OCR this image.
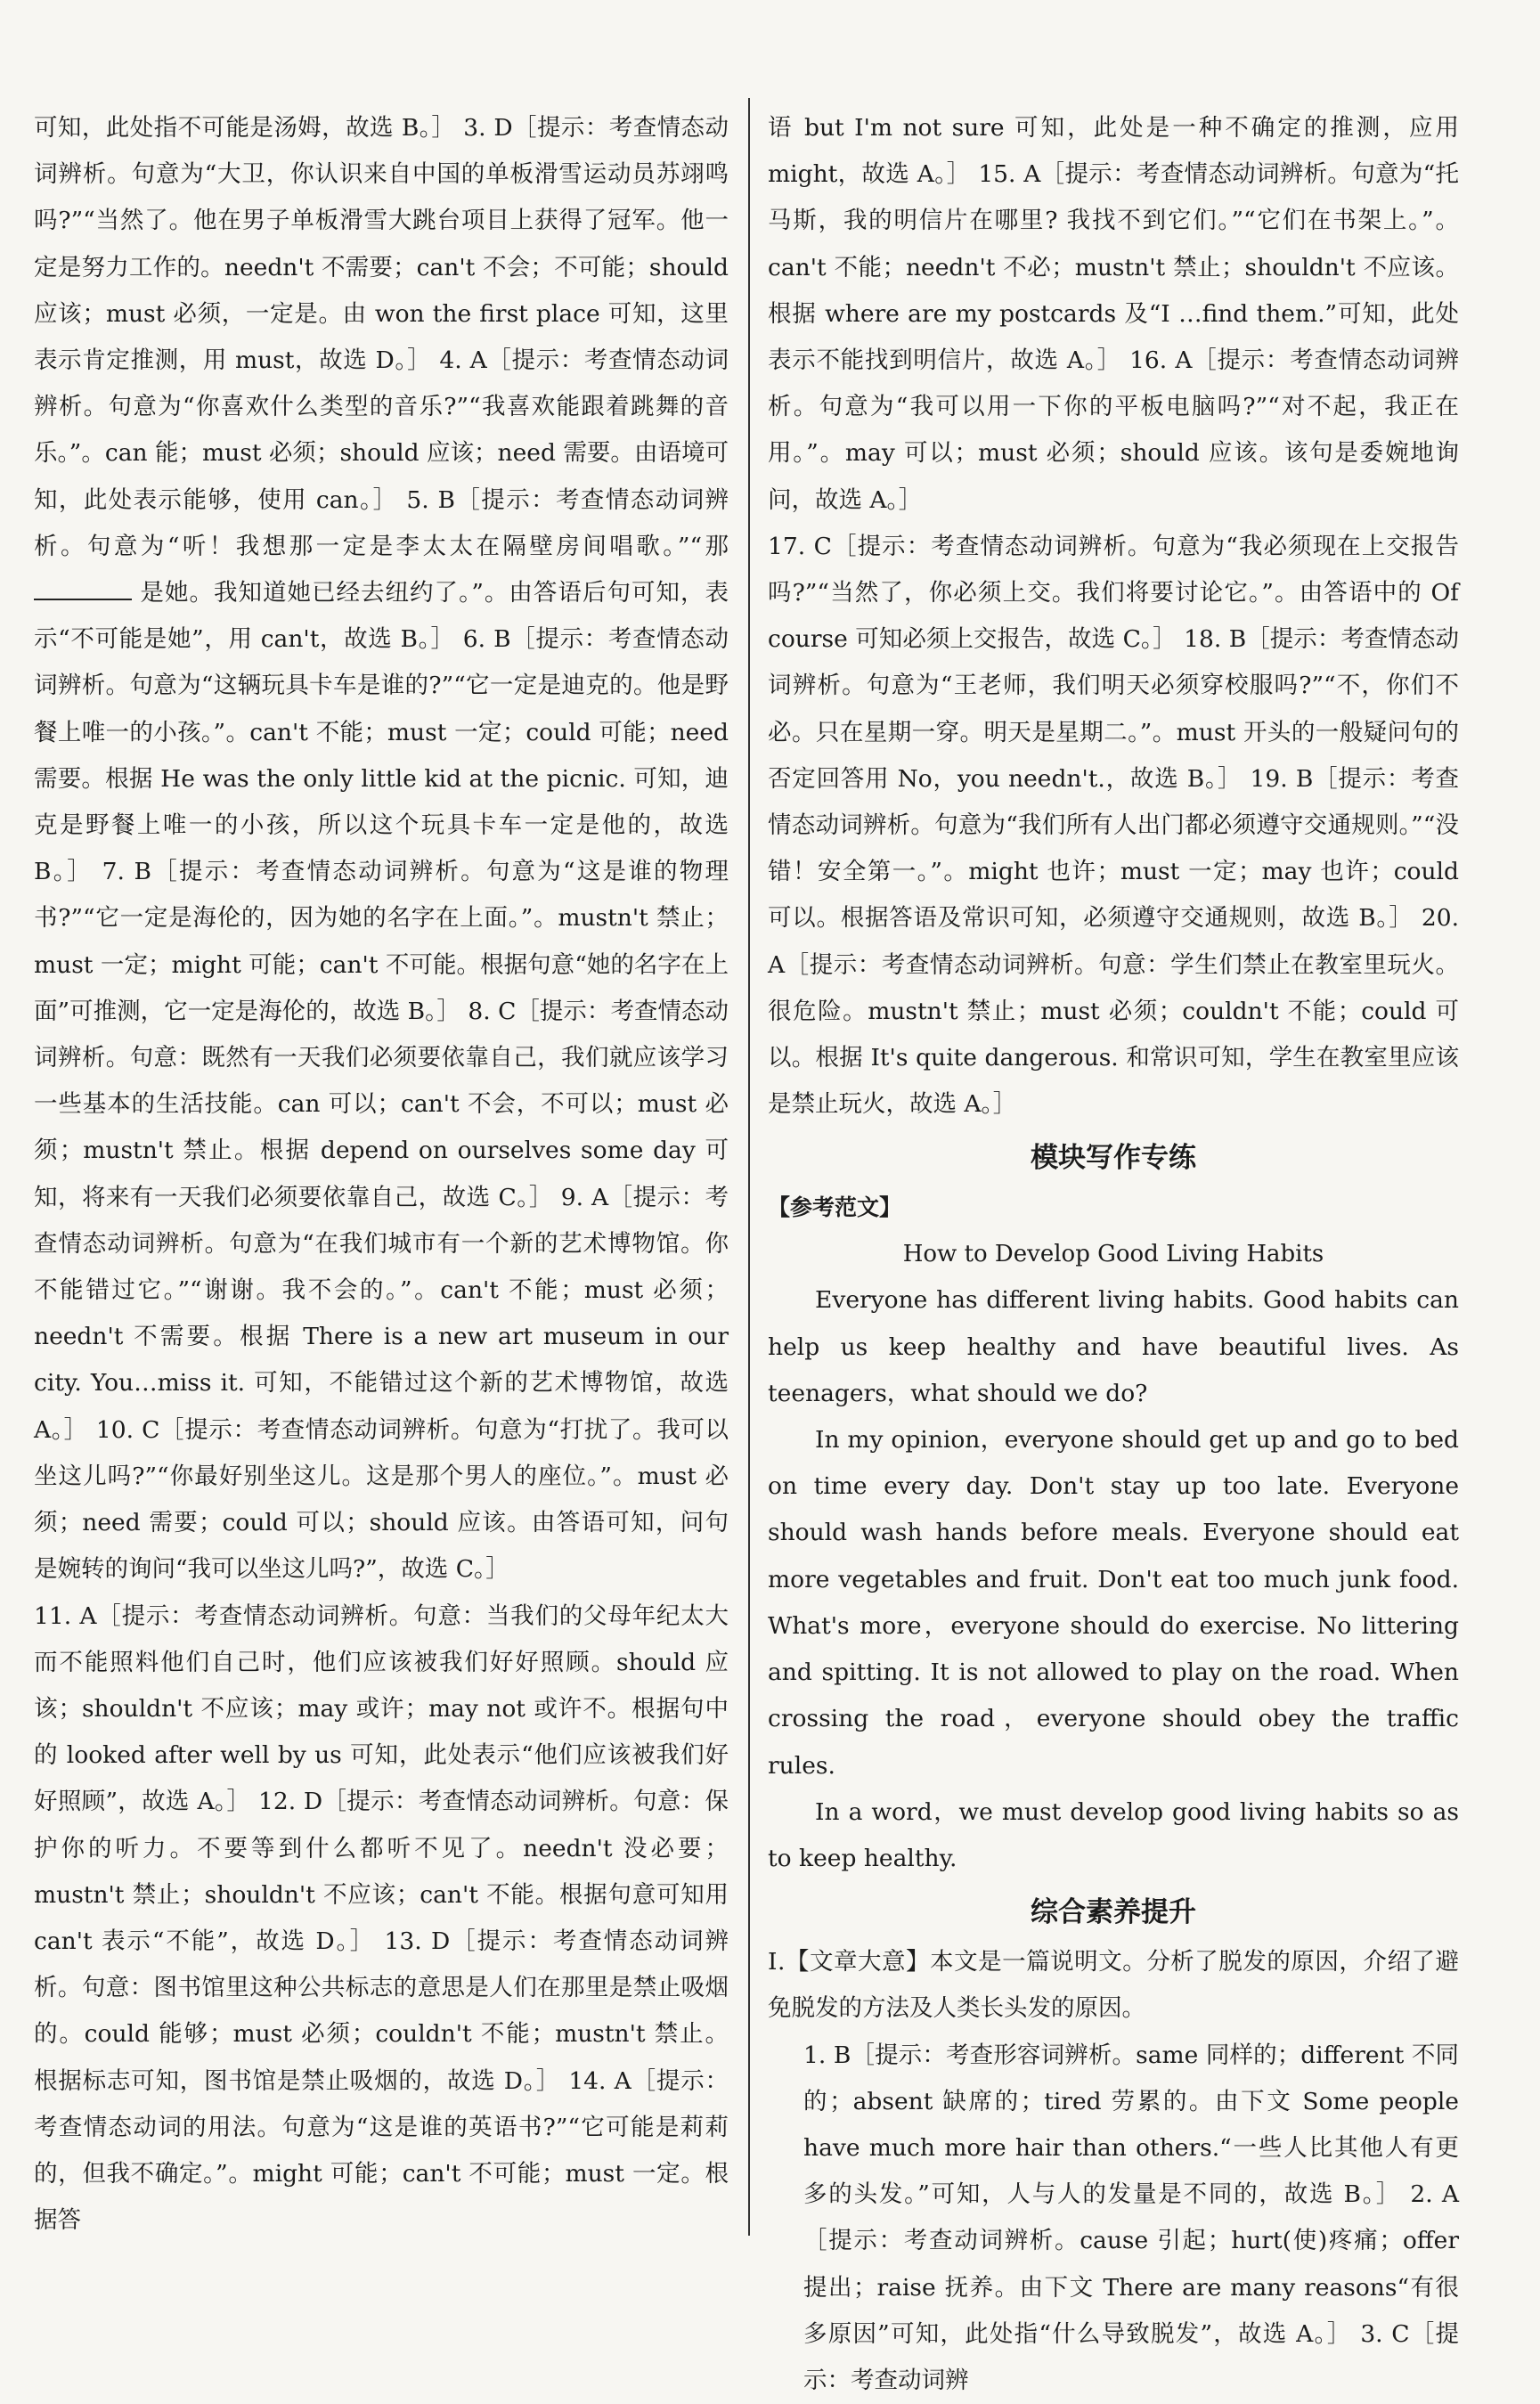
可知，此处指不可能是汤姆，故选 B。］ 3. D［提示：考查情态动词辨析。句意为“大卫，你认识来自中国的单板滑雪运动员苏翊鸣吗?”“当然了。他在男子单板滑雪大跳台项目上获得了冠军。他一定是努力工作的。needn't 不需要；can't 不会；不可能；should 应该；must 必须，一定是。由 won the first place 可知，这里表示肯定推测，用 must，故选 D。］ 4. A［提示：考查情态动词辨析。句意为“你喜欢什么类型的音乐?”“我喜欢能跟着跳舞的音乐。”。can 能；must 必须；should 应该；need 需要。由语境可知，此处表示能够，使用 can。］ 5. B［提示：考查情态动词辨析。句意为“听！我想那一定是李太太在隔壁房间唱歌。”“那 是她。我知道她已经去纽约了。”。由答语后句可知，表示“不可能是她”，用 can't，故选 B。］ 6. B［提示：考查情态动词辨析。句意为“这辆玩具卡车是谁的?”“它一定是迪克的。他是野餐上唯一的小孩。”。can't 不能；must 一定；could 可能；need 需要。根据 He was the only little kid at the picnic. 可知，迪克是野餐上唯一的小孩，所以这个玩具卡车一定是他的，故选 B。］ 7. B［提示：考查情态动词辨析。句意为“这是谁的物理书?”“它一定是海伦的，因为她的名字在上面。”。mustn't 禁止；must 一定；might 可能；can't 不可能。根据句意“她的名字在上面”可推测，它一定是海伦的，故选 B。］ 8. C［提示：考查情态动词辨析。句意：既然有一天我们必须要依靠自己，我们就应该学习一些基本的生活技能。can 可以；can't 不会，不可以；must 必须；mustn't 禁止。根据 depend on ourselves some day 可知，将来有一天我们必须要依靠自己，故选 C。］ 9. A［提示：考查情态动词辨析。句意为“在我们城市有一个新的艺术博物馆。你不能错过它。”“谢谢。我不会的。”。can't 不能；must 必须；needn't 不需要。根据 There is a new art museum in our city. You…miss it. 可知，不能错过这个新的艺术博物馆，故选 A。］ 10. C［提示：考查情态动词辨析。句意为“打扰了。我可以坐这儿吗?”“你最好别坐这儿。这是那个男人的座位。”。must 必须；need 需要；could 可以；should 应该。由答语可知，问句是婉转的询问“我可以坐这儿吗?”，故选 C。］

11. A［提示：考查情态动词辨析。句意：当我们的父母年纪太大而不能照料他们自己时，他们应该被我们好好照顾。should 应该；shouldn't 不应该；may 或许；may not 或许不。根据句中的 looked after well by us 可知，此处表示“他们应该被我们好好照顾”，故选 A。］ 12. D［提示：考查情态动词辨析。句意：保护你的听力。不要等到什么都听不见了。needn't 没必要；mustn't 禁止；shouldn't 不应该；can't 不能。根据句意可知用 can't 表示“不能”，故选 D。］ 13. D［提示：考查情态动词辨析。句意：图书馆里这种公共标志的意思是人们在那里是禁止吸烟的。could 能够；must 必须；couldn't 不能；mustn't 禁止。根据标志可知，图书馆是禁止吸烟的，故选 D。］ 14. A［提示：考查情态动词的用法。句意为“这是谁的英语书?”“它可能是莉莉的，但我不确定。”。might 可能；can't 不可能；must 一定。根据答

语 but I'm not sure 可知，此处是一种不确定的推测，应用 might，故选 A。］ 15. A［提示：考查情态动词辨析。句意为“托马斯，我的明信片在哪里? 我找不到它们。”“它们在书架上。”。can't 不能；needn't 不必；mustn't 禁止；shouldn't 不应该。根据 where are my postcards 及“I …find them.”可知，此处表示不能找到明信片，故选 A。］ 16. A［提示：考查情态动词辨析。句意为“我可以用一下你的平板电脑吗?”“对不起，我正在用。”。may 可以；must 必须；should 应该。该句是委婉地询问，故选 A。］

17. C［提示：考查情态动词辨析。句意为“我必须现在上交报告吗?”“当然了，你必须上交。我们将要讨论它。”。由答语中的 Of course 可知必须上交报告，故选 C。］ 18. B［提示：考查情态动词辨析。句意为“王老师，我们明天必须穿校服吗?”“不，你们不必。只在星期一穿。明天是星期二。”。must 开头的一般疑问句的否定回答用 No，you needn't.，故选 B。］ 19. B［提示：考查情态动词辨析。句意为“我们所有人出门都必须遵守交通规则。”“没错！安全第一。”。might 也许；must 一定；may 也许；could 可以。根据答语及常识可知，必须遵守交通规则，故选 B。］ 20. A［提示：考查情态动词辨析。句意：学生们禁止在教室里玩火。很危险。mustn't 禁止；must 必须；couldn't 不能；could 可以。根据 It's quite dangerous. 和常识可知，学生在教室里应该是禁止玩火，故选 A。］

模块写作专练
【参考范文】
How to Develop Good Living Habits

Everyone has different living habits. Good habits can help us keep healthy and have beautiful lives. As teenagers，what should we do?

In my opinion，everyone should get up and go to bed on time every day. Don't stay up too late. Everyone should wash hands before meals. Everyone should eat more vegetables and fruit. Don't eat too much junk food. What's more，everyone should do exercise. No littering and spitting. It is not allowed to play on the road. When crossing the road，everyone should obey the traffic rules.

In a word，we must develop good living habits so as to keep healthy.

综合素养提升

Ⅰ.【文章大意】本文是一篇说明文。分析了脱发的原因，介绍了避免脱发的方法及人类长头发的原因。

1. B［提示：考查形容词辨析。same 同样的；different 不同的；absent 缺席的；tired 劳累的。由下文 Some people have much more hair than others.“一些人比其他人有更多的头发。”可知，人与人的发量是不同的，故选 B。］ 2. A［提示：考查动词辨析。cause 引起；hurt(使)疼痛；offer 提出；raise 抚养。由下文 There are many reasons“有很多原因”可知，此处指“什么导致脱发”，故选 A。］ 3. C［提示：考查动词辨
